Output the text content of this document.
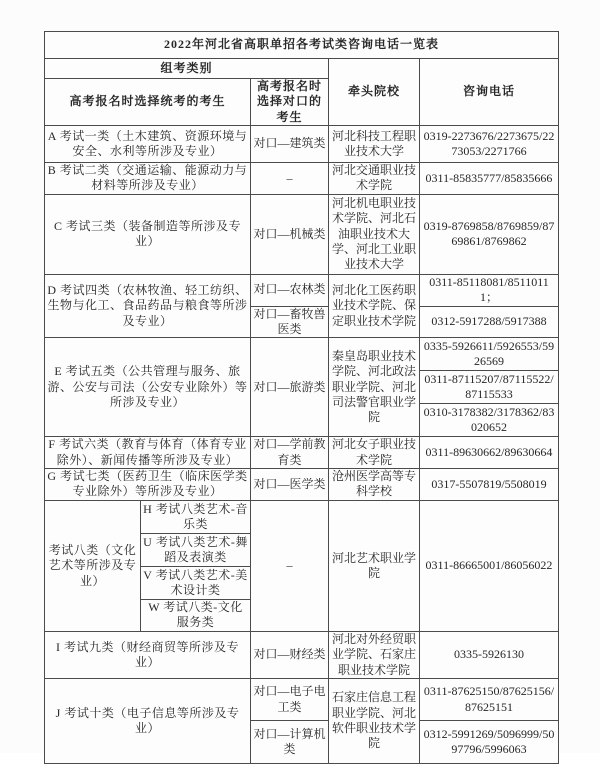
2022年河北省高职单招各考试类咨询电话一览表				
组考类别			牵头院校	咨询电话
高考报名时选择统考的考生		高考报名时选择对口的考生		
A 考试一类（土木建筑、资源环境与安全、水利等所涉及专业）		对口—建筑类	河北科技工程职业技术大学	0319-2273676/2273675/2273053/2271766
B 考试二类（交通运输、能源动力与材料等所涉及专业）		–	河北交通职业技术学院	0311-85835777/85835666
C 考试三类（装备制造等所涉及专业）		对口—机械类	河北机电职业技术学院、河北石油职业技术大学、河北工业职业技术大学	0319-8769858/8769859/8769861/8769862
D 考试四类（农林牧渔、轻工纺织、生物与化工、食品药品与粮食等所涉及专业）		对口—农林类	河北化工医药职业技术学院、保定职业技术学院	0311-85118081/85110111；
		对口—畜牧兽医类		0312-5917288/5917388
E 考试五类（公共管理与服务、旅游、公安与司法（公安专业除外）等所涉及专业）		对口—旅游类	秦皇岛职业技术学院、河北政法职业学院、河北司法警官职业学院	0335-5926611/5926553/5926569
				0311-87115207/87115522/87115533
				0310-3178382/3178362/83020652
F 考试六类（教育与体育（体育专业除外）、新闻传播等所涉及专业）		对口—学前教育类	河北女子职业技术学院	0311-89630662/89630664
G 考试七类（医药卫生（临床医学类专业除外）等所涉及专业）		对口—医学类	沧州医学高等专科学校	0317-5507819/5508019
考试八类（文化艺术等所涉及专业）	H 考试八类艺术-音乐类	–	河北艺术职业学院	0311-86665001/86056022
	U 考试八类艺术-舞蹈及表演类			
	V 考试八类艺术-美术设计类			
	W 考试八类-文化服务类			
I 考试九类（财经商贸等所涉及专业）		对口—财经类	河北对外经贸职业学院、石家庄职业技术学院	0335-5926130
J 考试十类（电子信息等所涉及专业）		对口—电子电工类	石家庄信息工程职业学院、河北软件职业技术学院	0311-87625150/87625156/87625151
		对口—计算机类		0312-5991269/5096999/5097796/5996063
